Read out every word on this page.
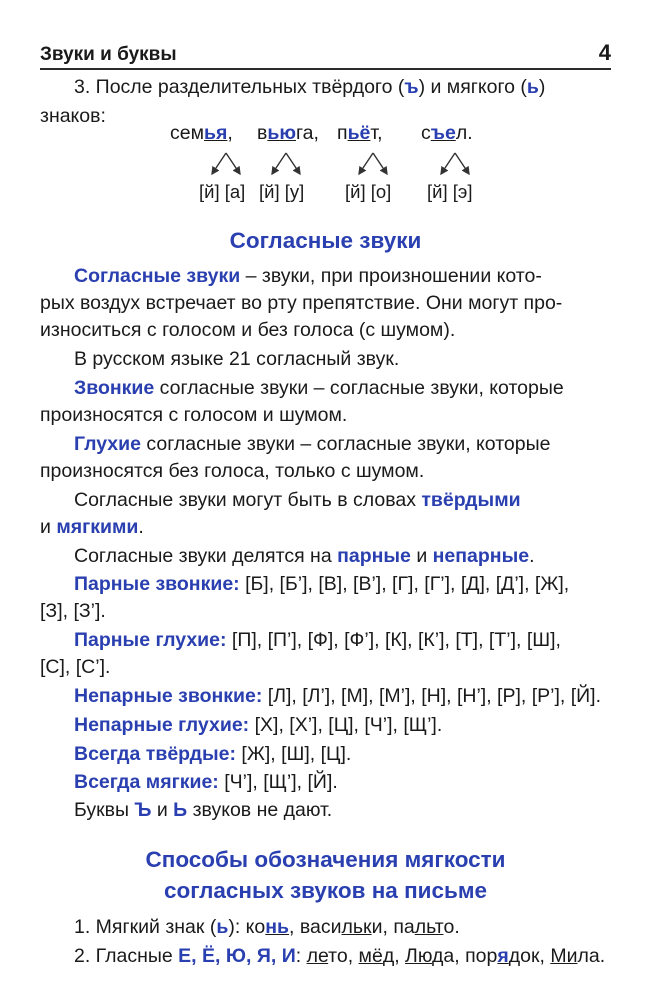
Звуки и буквы	4
3. После разделительных твёрдого (ъ) и мягкого (ь)
знаков:
семья, вьюга, пьёт, съел.
[й] [а] [й] [у] [й] [о] [й] [э]
Согласные звуки
Согласные звуки – звуки, при произношении кото-
рых воздух встречает во рту препятствие. Они могут про-
износиться с голосом и без голоса (с шумом).
В русском языке 21 согласный звук.
Звонкие согласные звуки – согласные звуки, которые
произносятся с голосом и шумом.
Глухие согласные звуки – согласные звуки, которые
произносятся без голоса, только с шумом.
Согласные звуки могут быть в словах твёрдыми
и мягкими.
Согласные звуки делятся на парные и непарные.
Парные звонкие: [Б], [Б’], [В], [В’], [Г], [Г’], [Д], [Д’], [Ж],
[З], [З’].
Парные глухие: [П], [П’], [Ф], [Ф’], [К], [К’], [Т], [Т’], [Ш],
[С], [С’].
Непарные звонкие: [Л], [Л’], [М], [М’], [Н], [Н’], [Р], [Р’], [Й].
Непарные глухие: [Х], [Х’], [Ц], [Ч’], [Щ’].
Всегда твёрдые: [Ж], [Ш], [Ц].
Всегда мягкие: [Ч’], [Щ’], [Й].
Буквы Ъ и Ь звуков не дают.
Способы обозначения мягкости
согласных звуков на письме
1. Мягкий знак (ь): конь, васильки, пальто.
2. Гласные Е, Ё, Ю, Я, И: лето, мёд, Люда, порядок, Мила.
